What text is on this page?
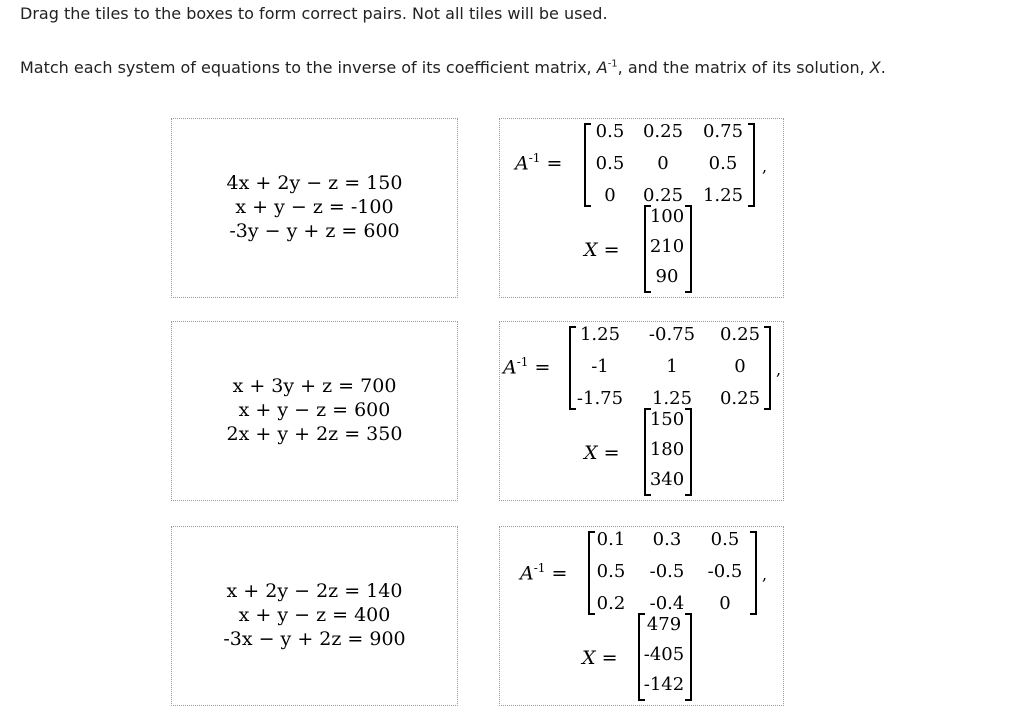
Drag the tiles to the boxes to form correct pairs. Not all tiles will be used.
Match each system of equations to the inverse of its coefficient matrix, $A^{-1}$, and the matrix of its solution, X.
4x + 2y − z = 150
x + y − z = -100
-3y − y + z = 600
$A^{-1}$ =
0.5	0.25 0.75
0.5	0	0.5
0	0.25 1.25
,
X =
100
210
90
x + 3y + z = 700
x + y − z = 600
2x + y + 2z = 350
$A^{-1}$ =
1.25	-0.75	0.25
-1	1	0
-1.75	1.25	0.25
,
X =
150
180
340
x + 2y − 2z = 140
x + y − z = 400
-3x − y + 2z = 900
$A^{-1}$ =
0.1	0.3	0.5
0.5	-0.5	-0.5
0.2	-0.4	0
,
X =
479
-405
-142
